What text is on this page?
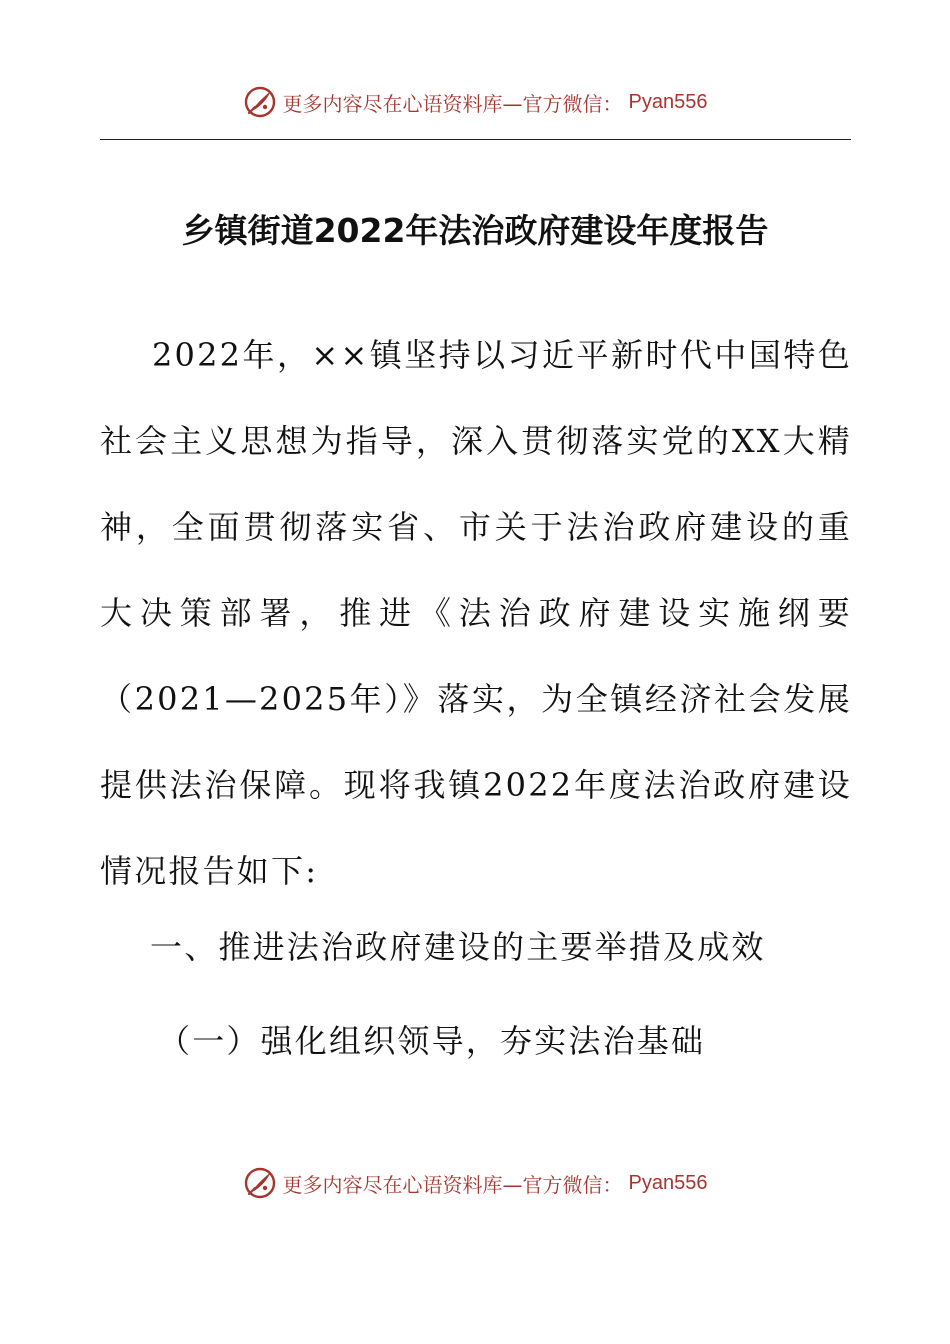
更多内容尽在心语资料库—官方微信： Pyan556
乡镇街道2022年法治政府建设年度报告

2022年，××镇坚持以习近平新时代中国特色社会主义思想为指导，深入贯彻落实党的XX大精神，全面贯彻落实省、市关于法治政府建设的重大决策部署，推进《法治政府建设实施纲要（2021—2025年）》落实，为全镇经济社会发展提供法治保障。现将我镇2022年度法治政府建设情况报告如下:

一、推进法治政府建设的主要举措及成效

（一）强化组织领导，夯实法治基础

更多内容尽在心语资料库—官方微信： Pyan556
